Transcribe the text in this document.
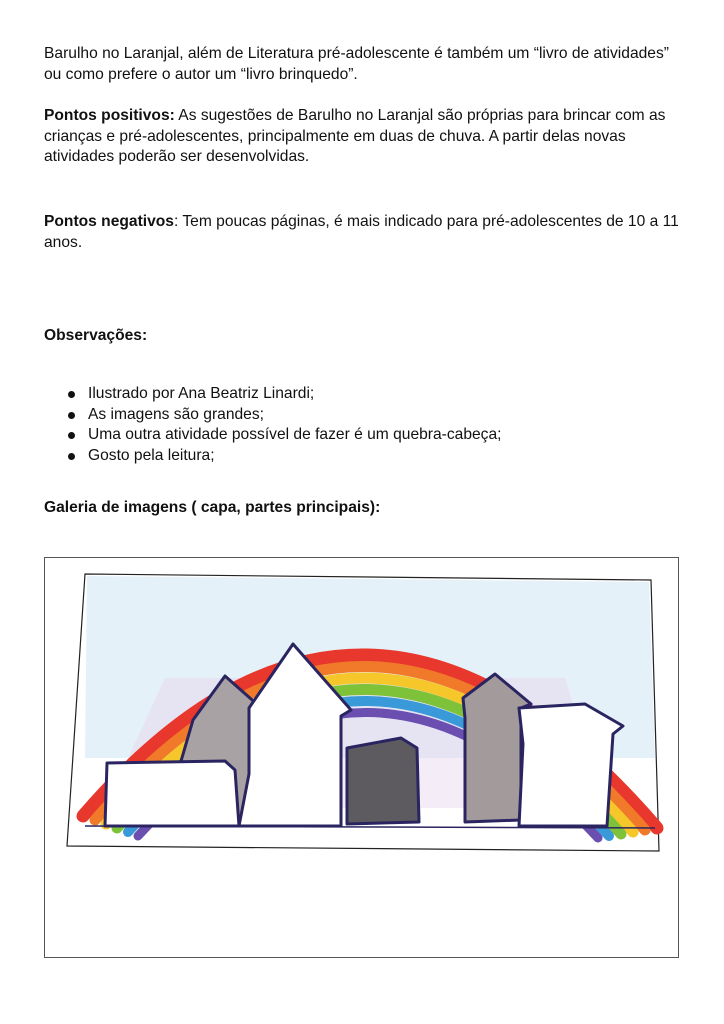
Barulho no Laranjal, além de Literatura pré-adolescente é também um “livro de atividades” ou como prefere o autor um “livro brinquedo”.

Pontos positivos: As sugestões de Barulho no Laranjal são próprias para brincar com as crianças e pré-adolescentes, principalmente em duas de chuva. A partir delas novas atividades poderão ser desenvolvidas.

Pontos negativos: Tem poucas páginas, é mais indicado para pré-adolescentes de 10 a 11 anos.

Observações:

Ilustrado por Ana Beatriz Linardi;
As imagens são grandes;
Uma outra atividade possível de fazer é um quebra-cabeça;
Gosto pela leitura;

Galeria de imagens ( capa, partes principais):
